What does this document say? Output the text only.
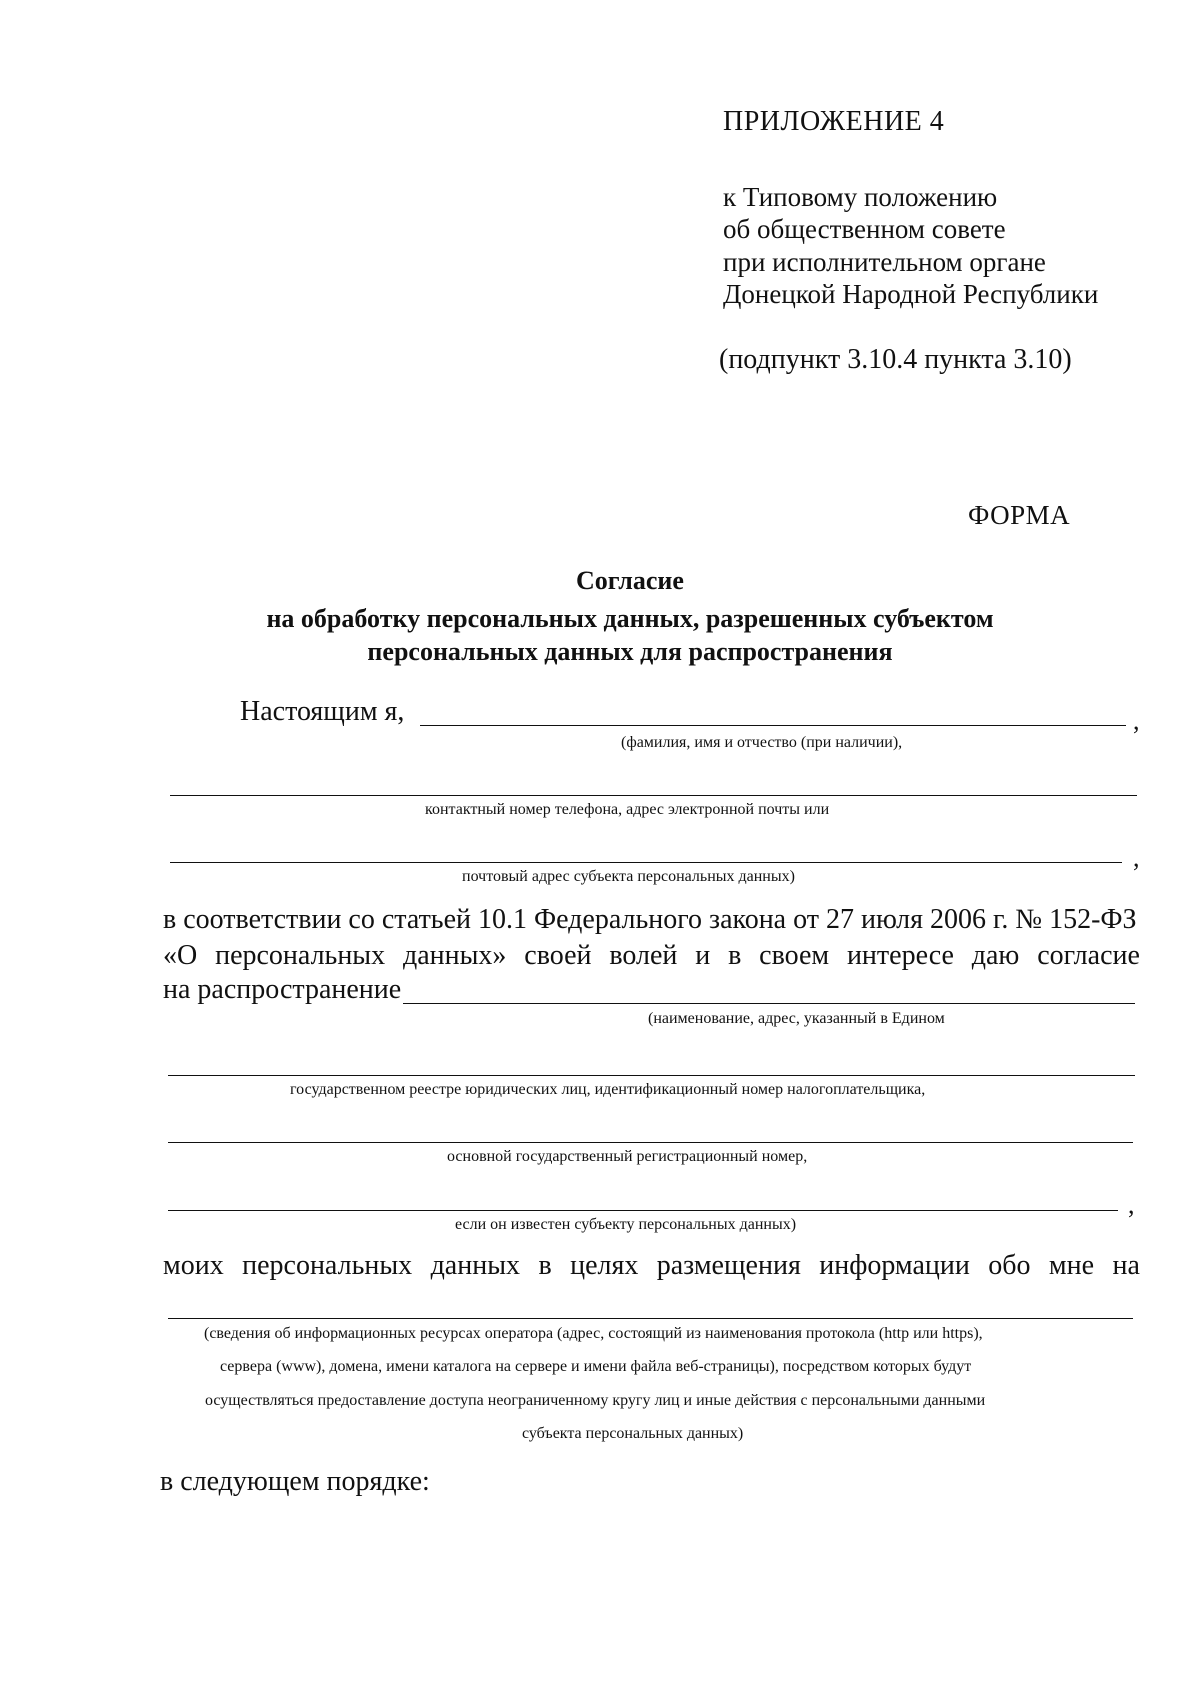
ПРИЛОЖЕНИЕ 4
к Типовому положению
об общественном совете
при исполнительном органе
Донецкой Народной Республики
(подпункт 3.10.4 пункта 3.10)
ФОРМА
Согласие
на обработку персональных данных, разрешенных субъектом
персональных данных для распространения
Настоящим я,	,
(фамилия, имя и отчество (при наличии),
контактный номер телефона, адрес электронной почты или
,
почтовый адрес субъекта персональных данных)
в соответствии со статьей 10.1 Федерального закона от 27 июля 2006 г. № 152-ФЗ
«О персональных данных» своей волей и в своем интересе даю согласие
на распространение
(наименование, адрес, указанный в Едином
государственном реестре юридических лиц, идентификационный номер налогоплательщика,
основной государственный регистрационный номер,
,
если он известен субъекту персональных данных)
моих персональных данных в целях размещения информации обо мне на
(сведения об информационных ресурсах оператора (адрес, состоящий из наименования протокола (http или https),
сервера (www), домена, имени каталога на сервере и имени файла веб-страницы), посредством которых будут
осуществляться предоставление доступа неограниченному кругу лиц и иные действия с персональными данными
субъекта персональных данных)
в следующем порядке:
